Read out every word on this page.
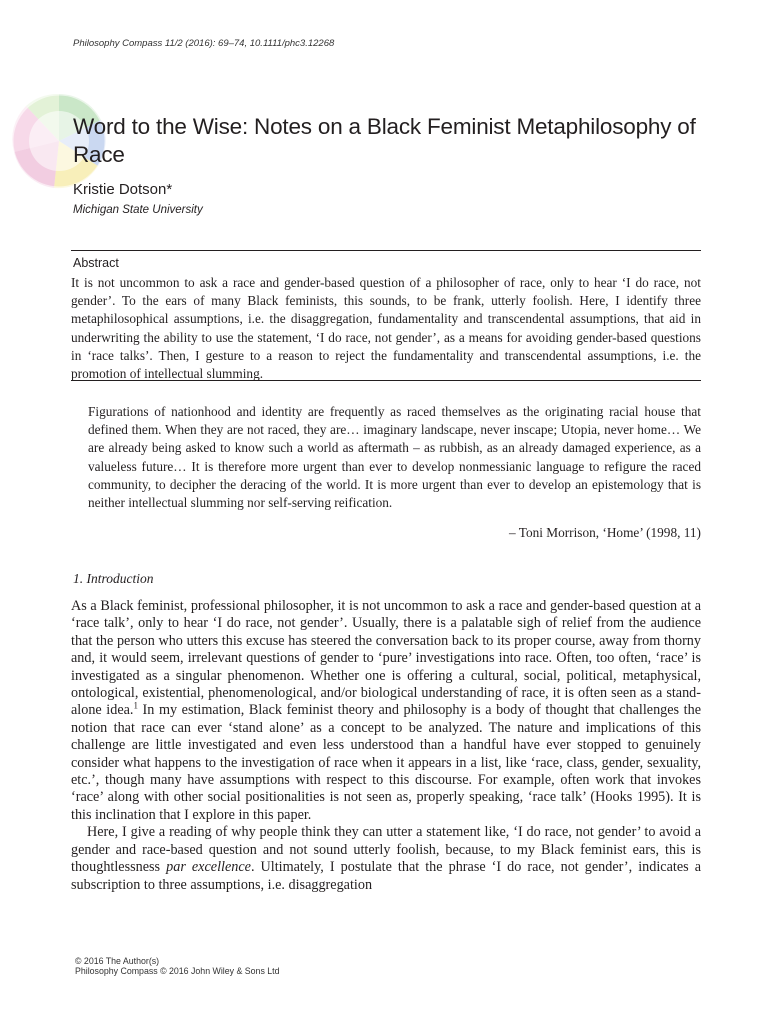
Philosophy Compass 11/2 (2016): 69–74, 10.1111/phc3.12268
Word to the Wise: Notes on a Black Feminist Metaphilosophy of Race
Kristie Dotson*
Michigan State University
Abstract

It is not uncommon to ask a race and gender-based question of a philosopher of race, only to hear ‘I do race, not gender’. To the ears of many Black feminists, this sounds, to be frank, utterly foolish. Here, I identify three metaphilosophical assumptions, i.e. the disaggregation, fundamentality and transcendental assumptions, that aid in underwriting the ability to use the statement, ‘I do race, not gender’, as a means for avoiding gender-based questions in ‘race talks’. Then, I gesture to a reason to reject the fundamentality and transcendental assumptions, i.e. the promotion of intellectual slumming.

Figurations of nationhood and identity are frequently as raced themselves as the originating racial house that defined them. When they are not raced, they are… imaginary landscape, never inscape; Utopia, never home… We are already being asked to know such a world as aftermath – as rubbish, as an already damaged experience, as a valueless future… It is therefore more urgent than ever to develop nonmessianic language to refigure the raced community, to decipher the deracing of the world. It is more urgent than ever to develop an epistemology that is neither intellectual slumming nor self-serving reification.

– Toni Morrison, ‘Home’ (1998, 11)
1. Introduction

As a Black feminist, professional philosopher, it is not uncommon to ask a race and gender-based question at a ‘race talk’, only to hear ‘I do race, not gender’. Usually, there is a palatable sigh of relief from the audience that the person who utters this excuse has steered the conversation back to its proper course, away from thorny and, it would seem, irrelevant questions of gender to ‘pure’ investigations into race. Often, too often, ‘race’ is investigated as a singular phenomenon. Whether one is offering a cultural, social, political, metaphysical, ontological, existential, phenomenological, and/or biological understanding of race, it is often seen as a stand-alone idea.$^1$ In my estimation, Black feminist theory and philosophy is a body of thought that challenges the notion that race can ever ‘stand alone’ as a concept to be analyzed. The nature and implications of this challenge are little investigated and even less understood than a handful have ever stopped to genuinely consider what happens to the investigation of race when it appears in a list, like ‘race, class, gender, sexuality, etc.’, though many have assumptions with respect to this discourse. For example, often work that invokes ‘race’ along with other social positionalities is not seen as, properly speaking, ‘race talk’ (Hooks 1995). It is this inclination that I explore in this paper.

Here, I give a reading of why people think they can utter a statement like, ‘I do race, not gender’ to avoid a gender and race-based question and not sound utterly foolish, because, to my Black feminist ears, this is thoughtlessness par excellence. Ultimately, I postulate that the phrase ‘I do race, not gender’, indicates a subscription to three assumptions, i.e. disaggregation

© 2016 The Author(s)
Philosophy Compass © 2016 John Wiley & Sons Ltd
